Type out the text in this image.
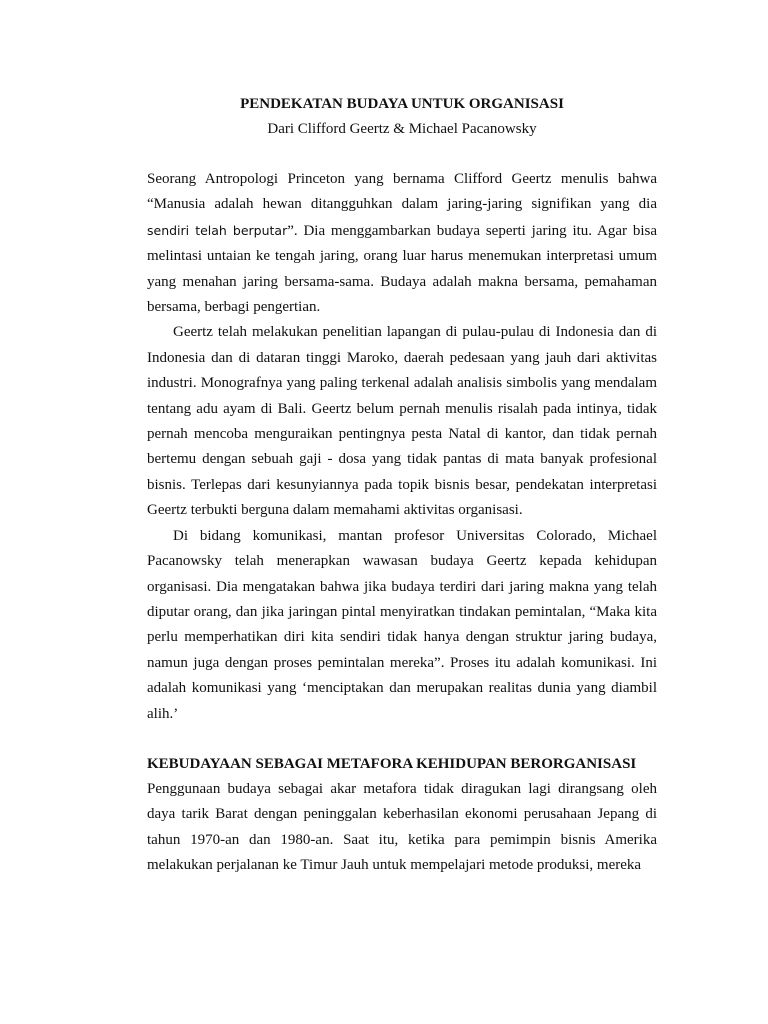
PENDEKATAN BUDAYA UNTUK ORGANISASI

Dari Clifford Geertz & Michael Pacanowsky

Seorang Antropologi Princeton yang bernama Clifford Geertz menulis bahwa “Manusia adalah hewan ditangguhkan dalam jaring-jaring signifikan yang dia sendiri telah berputar”. Dia menggambarkan budaya seperti jaring itu. Agar bisa melintasi untaian ke tengah jaring, orang luar harus menemukan interpretasi umum yang menahan jaring bersama-sama. Budaya adalah makna bersama, pemahaman bersama, berbagi pengertian.

Geertz telah melakukan penelitian lapangan di pulau-pulau di Indonesia dan di Indonesia dan di dataran tinggi Maroko, daerah pedesaan yang jauh dari aktivitas industri. Monografnya yang paling terkenal adalah analisis simbolis yang mendalam tentang adu ayam di Bali. Geertz belum pernah menulis risalah pada intinya, tidak pernah mencoba menguraikan pentingnya pesta Natal di kantor, dan tidak pernah bertemu dengan sebuah gaji - dosa yang tidak pantas di mata banyak profesional bisnis. Terlepas dari kesunyiannya pada topik bisnis besar, pendekatan interpretasi Geertz terbukti berguna dalam memahami aktivitas organisasi.

Di bidang komunikasi, mantan profesor Universitas Colorado, Michael Pacanowsky telah menerapkan wawasan budaya Geertz kepada kehidupan organisasi. Dia mengatakan bahwa jika budaya terdiri dari jaring makna yang telah diputar orang, dan jika jaringan pintal menyiratkan tindakan pemintalan, “Maka kita perlu memperhatikan diri kita sendiri tidak hanya dengan struktur jaring budaya, namun juga dengan proses pemintalan mereka”. Proses itu adalah komunikasi. Ini adalah komunikasi yang ‘menciptakan dan merupakan realitas dunia yang diambil alih.’

KEBUDAYAAN SEBAGAI METAFORA KEHIDUPAN BERORGANISASI

Penggunaan budaya sebagai akar metafora tidak diragukan lagi dirangsang oleh daya tarik Barat dengan peninggalan keberhasilan ekonomi perusahaan Jepang di tahun 1970-an dan 1980-an. Saat itu, ketika para pemimpin bisnis Amerika melakukan perjalanan ke Timur Jauh untuk mempelajari metode produksi, mereka
